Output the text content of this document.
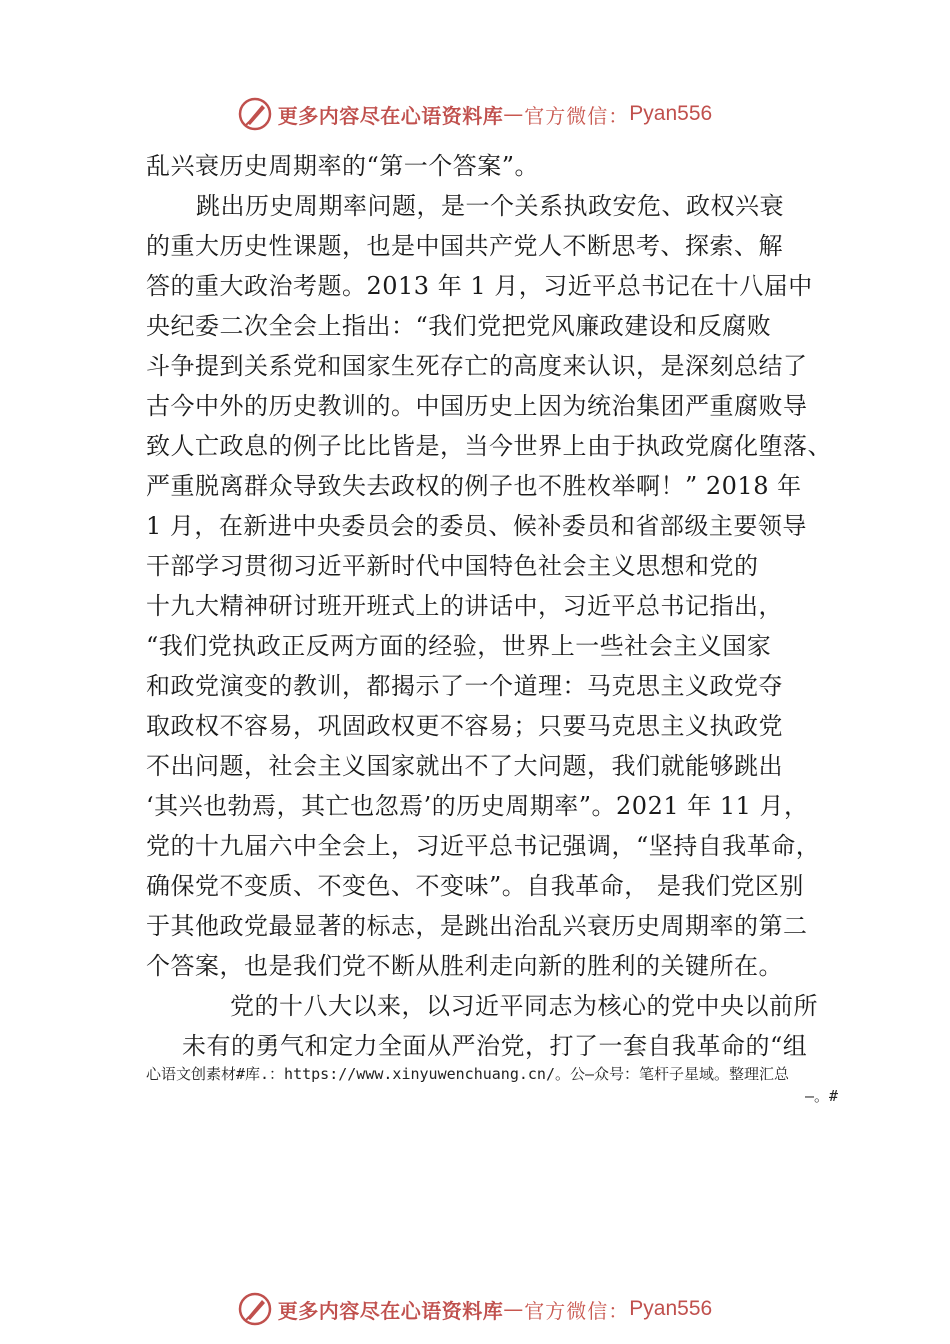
更多内容尽在心语资料库 — 官方微信： Pyan556
乱兴衰历史周期率的“第一个答案”。
跳出历史周期率问题，是一个关系执政安危、政权兴衰
的重大历史性课题，也是中国共产党人不断思考、探索、解
答的重大政治考题。2013 年 1 月，习近平总书记在十八届中
央纪委二次全会上指出：“我们党把党风廉政建设和反腐败
斗争提到关系党和国家生死存亡的高度来认识，是深刻总结了
古今中外的历史教训的。中国历史上因为统治集团严重腐败导
致人亡政息的例子比比皆是，当今世界上由于执政党腐化堕落、
严重脱离群众导致失去政权的例子也不胜枚举啊！” 2018 年
1 月，在新进中央委员会的委员、候补委员和省部级主要领导
干部学习贯彻习近平新时代中国特色社会主义思想和党的
十九大精神研讨班开班式上的讲话中，习近平总书记指出，
“我们党执政正反两方面的经验，世界上一些社会主义国家
和政党演变的教训，都揭示了一个道理：马克思主义政党夺
取政权不容易，巩固政权更不容易；只要马克思主义执政党
不出问题，社会主义国家就出不了大问题，我们就能够跳出
‘其兴也勃焉，其亡也忽焉’的历史周期率”。2021 年 11 月，
党的十九届六中全会上，习近平总书记强调，“坚持自我革命，
确保党不变质、不变色、不变味”。自我革命， 是我们党区别
于其他政党最显著的标志，是跳出治乱兴衰历史周期率的第二
个答案，也是我们党不断从胜利走向新的胜利的关键所在。
党的十八大以来，以习近平同志为核心的党中央以前所
未有的勇气和定力全面从严治党，打了一套自我革命的“组
心语文创素材#库.：https://www.xinyuwenchuang.cn/。公—众号：笔杆子星域。整理汇总
—。#
更多内容尽在心语资料库 — 官方微信： Pyan556
